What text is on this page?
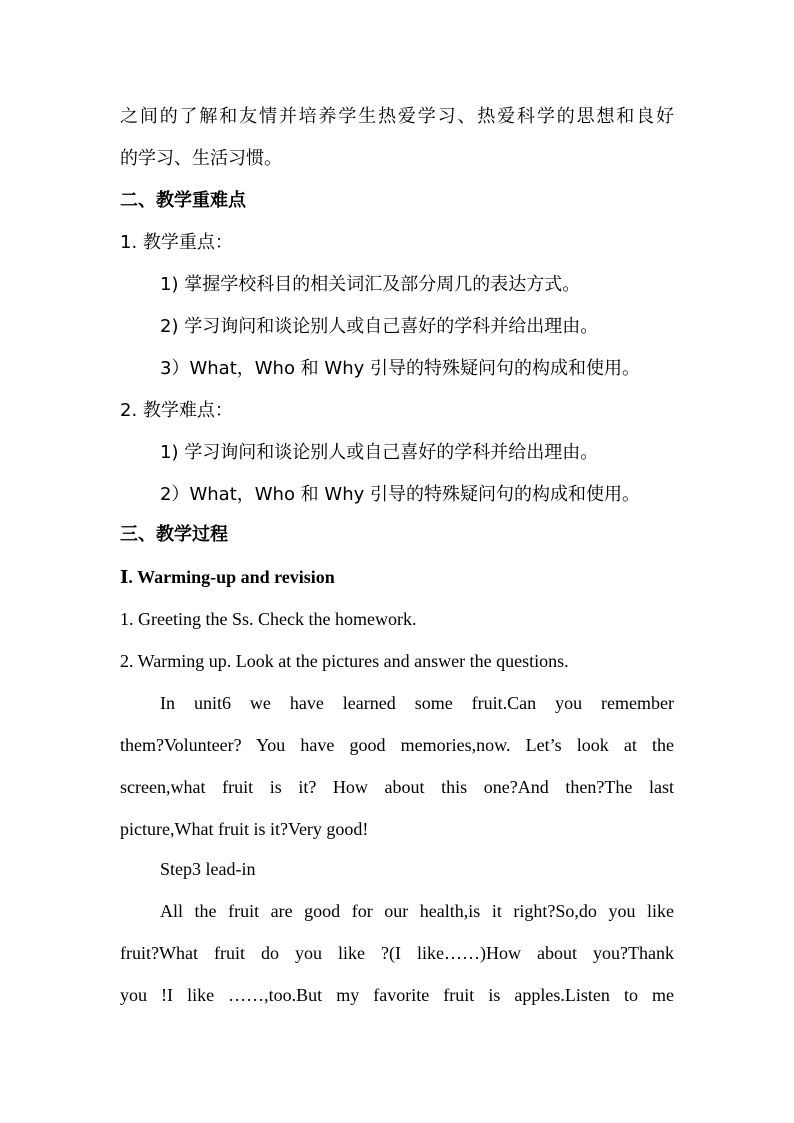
之间的了解和友情并培养学生热爱学习、热爱科学的思想和良好
的学习、生活习惯。
二、教学重难点
1. 教学重点：
1) 掌握学校科目的相关词汇及部分周几的表达方式。
2) 学习询问和谈论别人或自己喜好的学科并给出理由。
3）What，Who 和 Why 引导的特殊疑问句的构成和使用。
2. 教学难点：
1) 学习询问和谈论别人或自己喜好的学科并给出理由。
2）What，Who 和 Why 引导的特殊疑问句的构成和使用。
三、教学过程
Ⅰ. Warming-up and revision
1. Greeting the Ss. Check the homework.
2. Warming up. Look at the pictures and answer the questions.
In unit6 we have learned some fruit.Can you remember
them?Volunteer? You have good memories,now. Let’s look at the
screen,what fruit is it? How about this one?And then?The last
picture,What fruit is it?Very good!
Step3 lead-in
All the fruit are good for our health,is it right?So,do you like
fruit?What fruit do you like ?(I like……)How about you?Thank
you !I like ……,too.But my favorite fruit is apples.Listen to me
